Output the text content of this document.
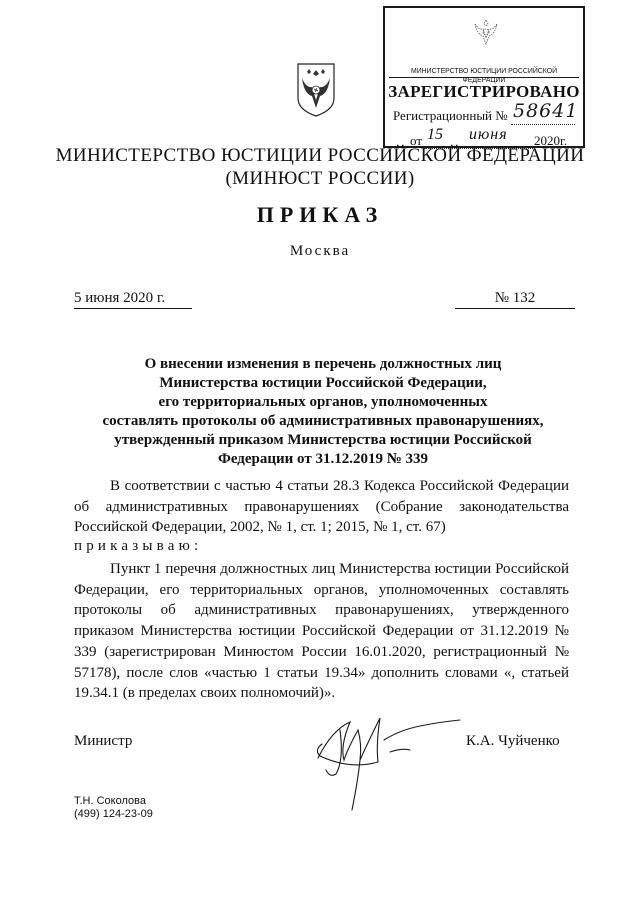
МИНИСТЕРСТВО ЮСТИЦИИ РОССИЙСКОЙ ФЕДЕРАЦИИ
ЗАРЕГИСТРИРОВАНО
Регистрационный № 58641
от 15 июня 2020г.
МИНИСТЕРСТВО ЮСТИЦИИ РОССИЙСКОЙ ФЕДЕРАЦИИ
(МИНЮСТ РОССИИ)
ПРИКАЗ
Москва
5 июня 2020 г.	№ 132
О внесении изменения в перечень должностных лиц
Министерства юстиции Российской Федерации,
его территориальных органов, уполномоченных
составлять протоколы об административных правонарушениях,
утвержденный приказом Министерства юстиции Российской
Федерации от 31.12.2019 № 339
В соответствии с частью 4 статьи 28.3 Кодекса Российской Федерации об административных правонарушениях (Собрание законодательства Российской Федерации, 2002, № 1, ст. 1; 2015, № 1, ст. 67)
приказываю:
Пункт 1 перечня должностных лиц Министерства юстиции Российской Федерации, его территориальных органов, уполномоченных составлять протоколы об административных правонарушениях, утвержденного приказом Министерства юстиции Российской Федерации от 31.12.2019 № 339 (зарегистрирован Минюстом России 16.01.2020, регистрационный № 57178), после слов «частью 1 статьи 19.34» дополнить словами «, статьей 19.34.1 (в пределах своих полномочий)».
Министр	К.А. Чуйченко
Т.Н. Соколова
(499) 124-23-09
